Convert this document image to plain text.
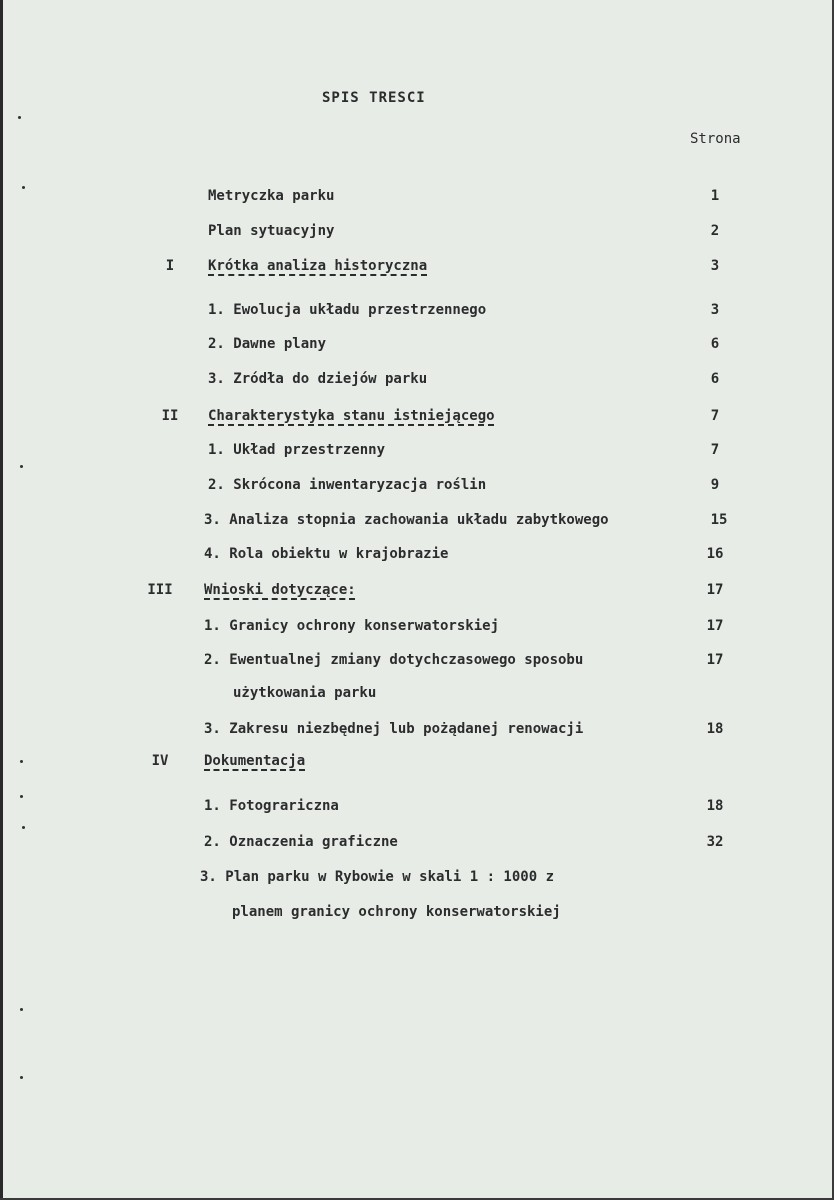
SPIS TRESCI
Strona
Metryczka parku	1
Plan sytuacyjny	2
I	Krótka analiza historyczna	3
1. Ewolucja układu przestrzennego	3
2. Dawne plany	6
3. Zródła do dziejów parku	6
II	Charakterystyka stanu istniejącego	7
1. Układ przestrzenny	7
2. Skrócona inwentaryzacja roślin	9
3. Analiza stopnia zachowania układu zabytkowego	15
4. Rola obiektu w krajobrazie	16
III	Wnioski dotyczące:	17
1. Granicy ochrony konserwatorskiej	17
2. Ewentualnej zmiany dotychczasowego sposobu	17
użytkowania parku
3. Zakresu niezbędnej lub pożądanej renowacji	18
IV	Dokumentacja
1. Fotograriczna	18
2. Oznaczenia graficzne	32
3. Plan parku w Rybowie w skali 1 : 1000 z
planem granicy ochrony konserwatorskiej
